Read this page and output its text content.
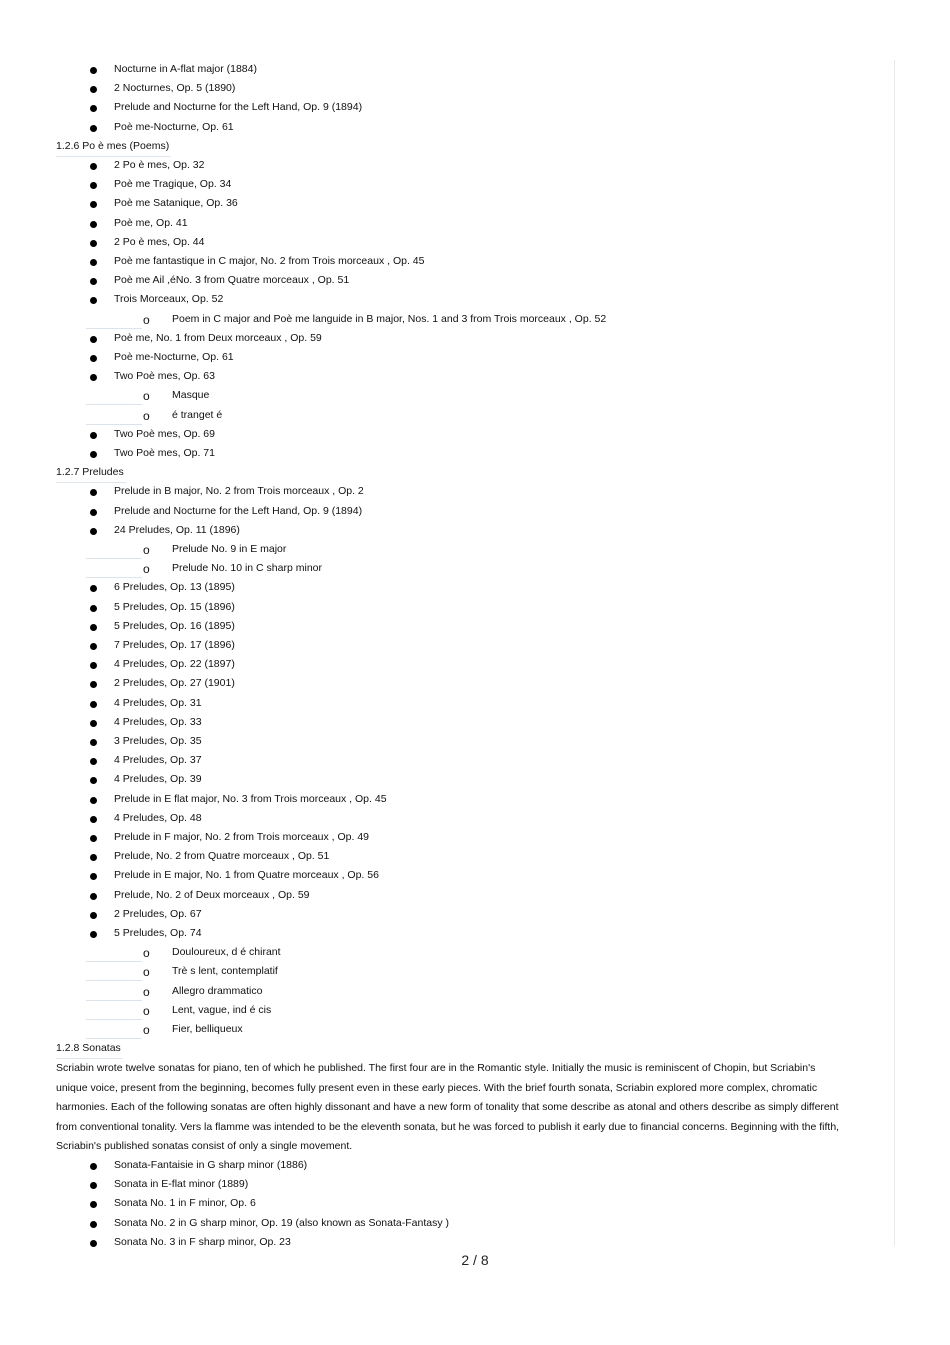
Nocturne in A-flat major (1884)
2 Nocturnes, Op. 5 (1890)
Prelude and Nocturne for the Left Hand, Op. 9 (1894)
Poè me-Nocturne, Op. 61
1.2.6 Po è mes (Poems)
2 Po è mes, Op. 32
Poè me Tragique, Op. 34
Poè me Satanique, Op. 36
Poè me, Op. 41
2 Po è mes, Op. 44
Poè me fantastique in C major, No. 2 from Trois morceaux , Op. 45
Poè me Ail ,éNo. 3 from Quatre morceaux , Op. 51
Trois Morceaux, Op. 52
o Poem in C major and Poè me languide in B major, Nos. 1 and 3 from Trois morceaux , Op. 52
Poè me, No. 1 from Deux morceaux , Op. 59
Poè me-Nocturne, Op. 61
Two Poè mes, Op. 63
o Masque
o é tranget é
Two Poè mes, Op. 69
Two Poè mes, Op. 71
1.2.7 Preludes
Prelude in B major, No. 2 from Trois morceaux , Op. 2
Prelude and Nocturne for the Left Hand, Op. 9 (1894)
24 Preludes, Op. 11 (1896)
o Prelude No. 9 in E major
o Prelude No. 10 in C sharp minor
6 Preludes, Op. 13 (1895)
5 Preludes, Op. 15 (1896)
5 Preludes, Op. 16 (1895)
7 Preludes, Op. 17 (1896)
4 Preludes, Op. 22 (1897)
2 Preludes, Op. 27 (1901)
4 Preludes, Op. 31
4 Preludes, Op. 33
3 Preludes, Op. 35
4 Preludes, Op. 37
4 Preludes, Op. 39
Prelude in E flat major, No. 3 from Trois morceaux , Op. 45
4 Preludes, Op. 48
Prelude in F major, No. 2 from Trois morceaux , Op. 49
Prelude, No. 2 from Quatre morceaux , Op. 51
Prelude in E major, No. 1 from Quatre morceaux , Op. 56
Prelude, No. 2 of Deux morceaux , Op. 59
2 Preludes, Op. 67
5 Preludes, Op. 74
o Douloureux, d é chirant
o Trè s lent, contemplatif
o Allegro drammatico
o Lent, vague, ind é cis
o Fier, belliqueux
1.2.8 Sonatas
Scriabin wrote twelve sonatas for piano, ten of which he published. The first four are in the Romantic style. Initially the music is reminiscent of Chopin, but Scriabin's unique voice, present from the beginning, becomes fully present even in these early pieces. With the brief fourth sonata, Scriabin explored more complex, chromatic harmonies. Each of the following sonatas are often highly dissonant and have a new form of tonality that some describe as atonal and others describe as simply different from conventional tonality. Vers la flamme was intended to be the eleventh sonata, but he was forced to publish it early due to financial concerns. Beginning with the fifth, Scriabin's published sonatas consist of only a single movement.
Sonata-Fantaisie in G sharp minor (1886)
Sonata in E-flat minor (1889)
Sonata No. 1 in F minor, Op. 6
Sonata No. 2 in G sharp minor, Op. 19 (also known as Sonata-Fantasy )
Sonata No. 3 in F sharp minor, Op. 23
2 / 8
